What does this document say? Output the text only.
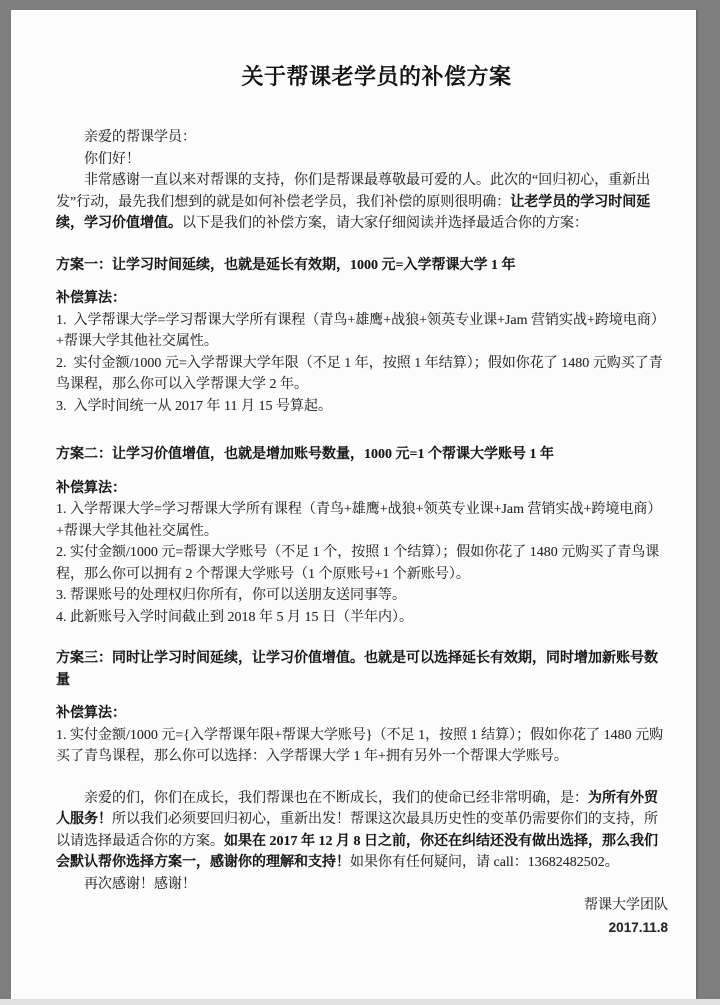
关于帮课老学员的补偿方案

亲爱的帮课学员：

你们好！

非常感谢一直以来对帮课的支持，你们是帮课最尊敬最可爱的人。此次的“回归初心，重新出发”行动，最先我们想到的就是如何补偿老学员，我们补偿的原则很明确：让老学员的学习时间延续，学习价值增值。以下是我们的补偿方案，请大家仔细阅读并选择最适合你的方案：

方案一：让学习时间延续，也就是延长有效期，1000 元=入学帮课大学 1 年

补偿算法：

1.  入学帮课大学=学习帮课大学所有课程（青鸟+雄鹰+战狼+领英专业课+Jam 营销实战+跨境电商）+帮课大学其他社交属性。

2.  实付金额/1000 元=入学帮课大学年限（不足 1 年，按照 1 年结算）；假如你花了 1480 元购买了青鸟课程，那么你可以入学帮课大学 2 年。

3.  入学时间统一从 2017 年 11 月 15 号算起。

方案二：让学习价值增值，也就是增加账号数量，1000 元=1 个帮课大学账号 1 年

补偿算法：

1. 入学帮课大学=学习帮课大学所有课程（青鸟+雄鹰+战狼+领英专业课+Jam 营销实战+跨境电商）+帮课大学其他社交属性。

2. 实付金额/1000 元=帮课大学账号（不足 1 个，按照 1 个结算）；假如你花了 1480 元购买了青鸟课程，那么你可以拥有 2 个帮课大学账号（1 个原账号+1 个新账号）。

3. 帮课账号的处理权归你所有，你可以送朋友送同事等。

4. 此新账号入学时间截止到 2018 年 5 月 15 日（半年内）。

方案三：同时让学习时间延续，让学习价值增值。也就是可以选择延长有效期，同时增加新账号数量

补偿算法：

1. 实付金额/1000 元={入学帮课年限+帮课大学账号}（不足 1，按照 1 结算）；假如你花了 1480 元购买了青鸟课程，那么你可以选择：入学帮课大学 1 年+拥有另外一个帮课大学账号。

亲爱的们，你们在成长，我们帮课也在不断成长，我们的使命已经非常明确，是：为所有外贸人服务！所以我们必须要回归初心，重新出发！帮课这次最具历史性的变革仍需要你们的支持，所以请选择最适合你的方案。如果在 2017 年 12 月 8 日之前，你还在纠结还没有做出选择，那么我们会默认帮你选择方案一，感谢你的理解和支持！如果你有任何疑问，请 call：13682482502。

再次感谢！感谢！

帮课大学团队

2017.11.8
